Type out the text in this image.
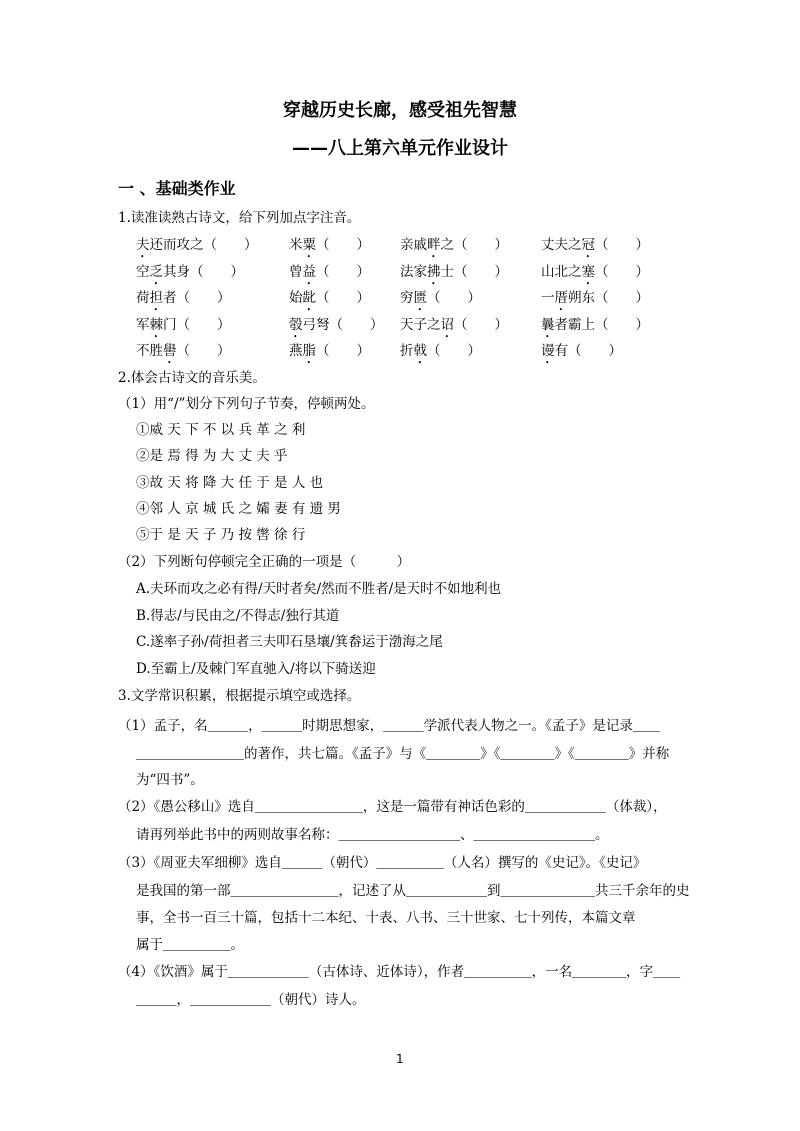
穿越历史长廊，感受祖先智慧
——八上第六单元作业设计
一 、基础类作业
1.读准读熟古诗文，给下列加点字注音。
夫还而攻之（　　） 米粟（　　） 亲戚畔之（　　） 丈夫之冠（　　）
空乏其身（　　）	曾益（　　） 法家拂士（　　） 山北之塞（　　）
荷担者（　　）	始龀（　　） 穷匮（　　）	一厝朔东（　　）
军棘门（　　）	彀弓弩（　　） 天子之诏（　　） 曩者霸上（　　）
不胜嚳（　　）	燕脂（　　） 折戟（　　）	谩有（　　）
2.体会古诗文的音乐美。
（1）用“/”划分下列句子节奏，停顿两处。
①威 天 下 不 以 兵 革 之 利
②是 焉 得 为 大 丈 夫 乎
③故 天 将 降 大 任 于 是 人 也
④邻 人 京 城 氏 之 孀 妻 有 遗 男
⑤于 是 天 子 乃 按 辔 徐 行
（2）下列断句停顿完全正确的一项是（　　　）
A.夫环而攻之必有得/天时者矣/然而不胜者/是天时不如地利也
B.得志/与民由之/不得志/独行其道
C.遂率子孙/荷担者三夫叩石垦壤/箕畚运于渤海之尾
D.至霸上/及棘门军直驰入/将以下骑送迎
3.文学常识积累，根据提示填空或选择。
（1）孟子，名＿＿＿，＿＿＿时期思想家，＿＿＿学派代表人物之一。《孟子》是记录＿＿
＿＿＿＿＿＿＿＿的著作，共七篇。《孟子》与《＿＿＿＿》《＿＿＿＿》《＿＿＿＿》并称
为“四书”。
（2）《愚公移山》选自＿＿＿＿＿＿＿＿，这是一篇带有神话色彩的＿＿＿＿＿＿（体裁），
请再列举此书中的两则故事名称：＿＿＿＿＿＿＿＿＿、＿＿＿＿＿＿＿＿＿。
（3）《周亚夫军细柳》选自＿＿＿（朝代）＿＿＿＿＿（人名）撰写的《史记》。《史记》
是我国的第一部＿＿＿＿＿＿＿＿，记述了从＿＿＿＿＿＿到＿＿＿＿＿＿＿共三千余年的史
事，全书一百三十篇，包括十二本纪、十表、八书、三十世家、七十列传，本篇文章
属于＿＿＿＿＿。
（4）《饮酒》属于＿＿＿＿＿＿（古体诗、近体诗），作者＿＿＿＿＿，一名＿＿＿＿，字＿＿
＿＿＿，＿＿＿＿＿＿（朝代）诗人。
1
